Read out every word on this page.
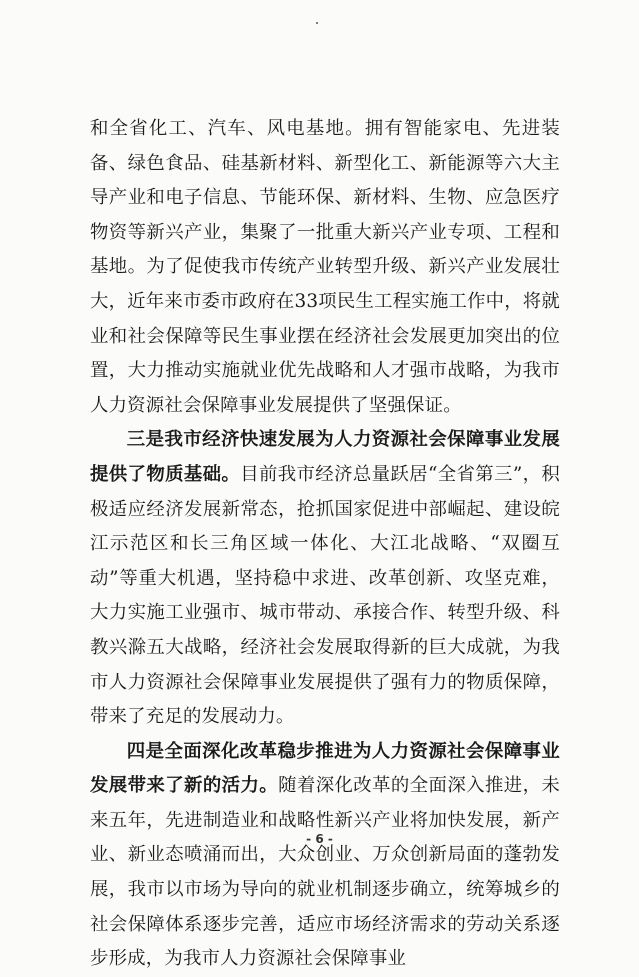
和全省化工、汽车、风电基地。拥有智能家电、先进装备、绿色食品、硅基新材料、新型化工、新能源等六大主导产业和电子信息、节能环保、新材料、生物、应急医疗物资等新兴产业，集聚了一批重大新兴产业专项、工程和基地。为了促使我市传统产业转型升级、新兴产业发展壮大，近年来市委市政府在33项民生工程实施工作中，将就业和社会保障等民生事业摆在经济社会发展更加突出的位置，大力推动实施就业优先战略和人才强市战略，为我市人力资源社会保障事业发展提供了坚强保证。

三是我市经济快速发展为人力资源社会保障事业发展提供了物质基础。目前我市经济总量跃居“全省第三”，积极适应经济发展新常态，抢抓国家促进中部崛起、建设皖江示范区和长三角区域一体化、大江北战略、“双圈互动”等重大机遇，坚持稳中求进、改革创新、攻坚克难，大力实施工业强市、城市带动、承接合作、转型升级、科教兴滁五大战略，经济社会发展取得新的巨大成就，为我市人力资源社会保障事业发展提供了强有力的物质保障，带来了充足的发展动力。

四是全面深化改革稳步推进为人力资源社会保障事业发展带来了新的活力。随着深化改革的全面深入推进，未来五年，先进制造业和战略性新兴产业将加快发展，新产业、新业态喷涌而出，大众创业、万众创新局面的蓬勃发展，我市以市场为导向的就业机制逐步确立，统筹城乡的社会保障体系逐步完善，适应市场经济需求的劳动关系逐步形成，为我市人力资源社会保障事业

- 6 -
